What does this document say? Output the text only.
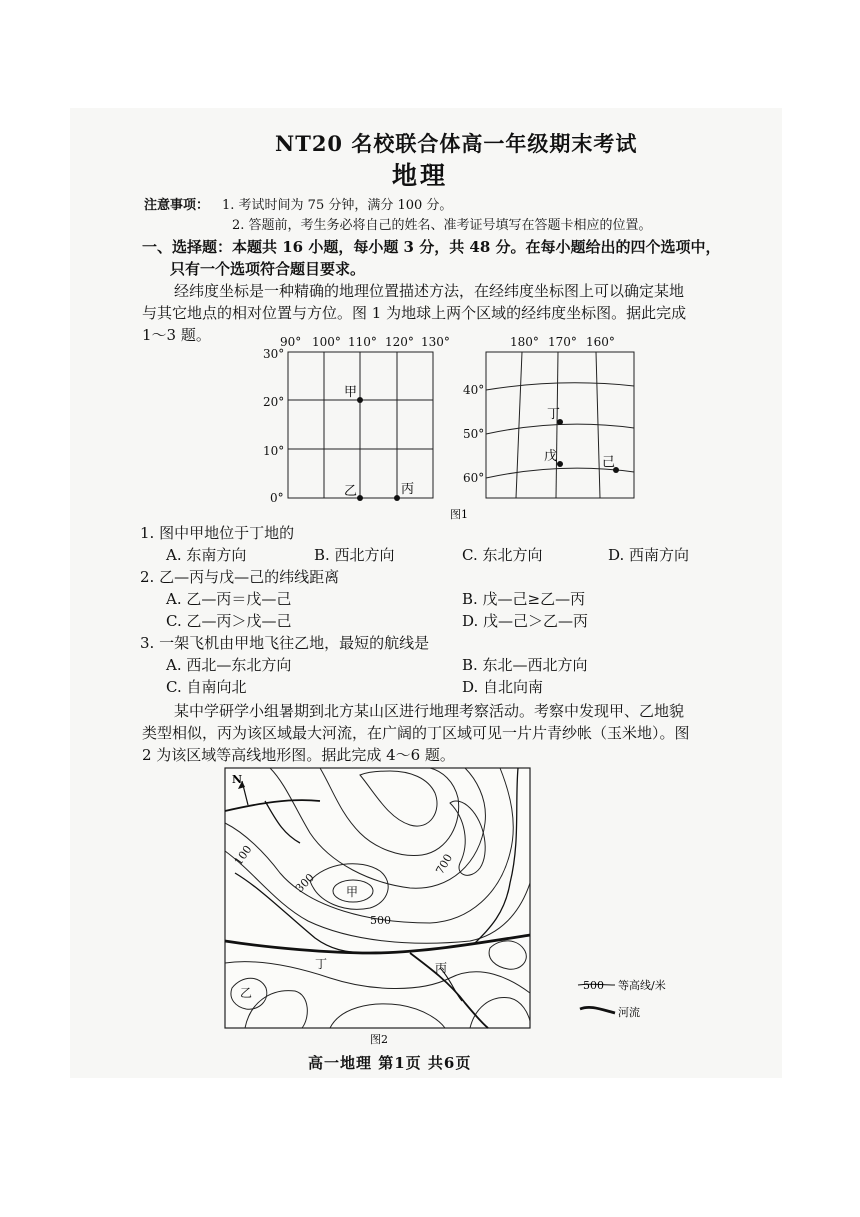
NT20 名校联合体高一年级期末考试
地理
注意事项： 1. 考试时间为 75 分钟，满分 100 分。
2. 答题前，考生务必将自己的姓名、准考证号填写在答题卡相应的位置。
一、选择题：本题共 16 小题，每小题 3 分，共 48 分。在每小题给出的四个选项中，
只有一个选项符合题目要求。
经纬度坐标是一种精确的地理位置描述方法，在经纬度坐标图上可以确定某地
与其它地点的相对位置与方位。图 1 为地球上两个区域的经纬度坐标图。据此完成
1～3 题。	90° 100° 110° 120° 130°
30°
20°
10°
0°
甲
乙	丙
180° 170° 160°
40°
50°
60°
丁
戊	己
图1
1. 图中甲地位于丁地的
A. 东南方向	B. 西北方向	C. 东北方向	D. 西南方向
2. 乙—丙与戊—己的纬线距离
A. 乙—丙＝戊—己	B. 戊—己≥乙—丙
C. 乙—丙＞戊—己	D. 戊—己＞乙—丙
3. 一架飞机由甲地飞往乙地，最短的航线是
A. 西北—东北方向	B. 东北—西北方向
C. 自南向北	D. 自北向南
某中学研学小组暑期到北方某山区进行地理考察活动。考察中发现甲、乙地貌
类型相似，丙为该区域最大河流，在广阔的丁区域可见一片片青纱帐（玉米地）。图
2 为该区域等高线地形图。据此完成 4～6 题。
N
100
300
500
700
甲
乙
丙
丁
500 等高线/米
河流
图2
高一地理 第1页 共6页
